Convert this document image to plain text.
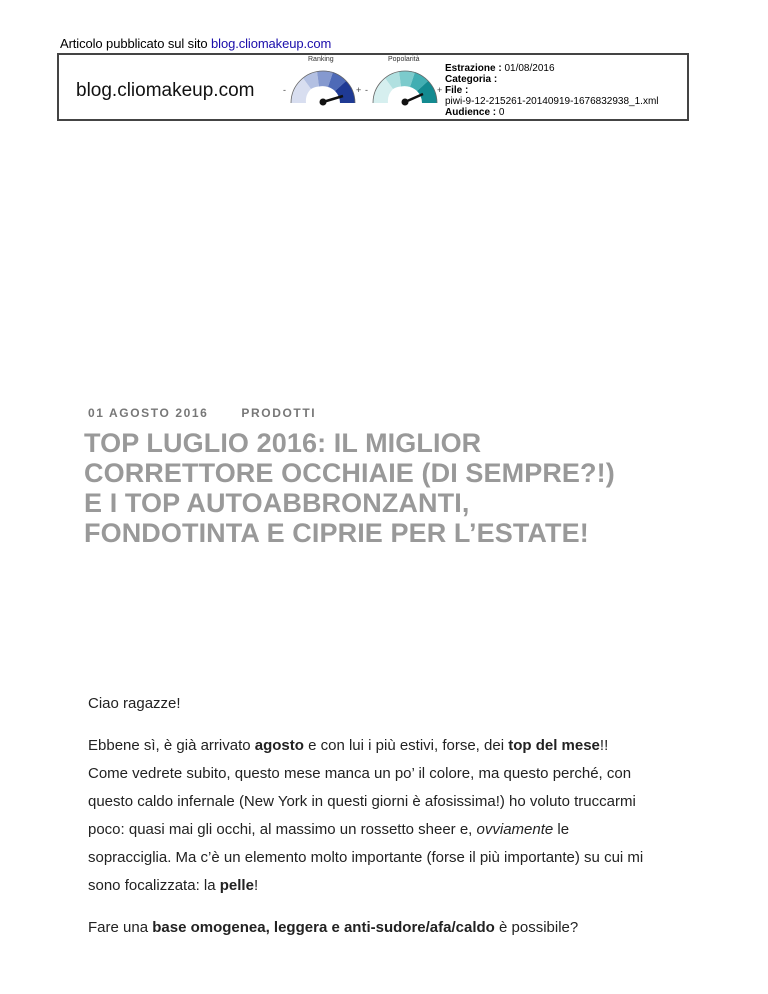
Articolo pubblicato sul sito blog.cliomakeup.com
blog.cliomakeup.com
Ranking
-	+
Popolarità
-	+
Estrazione : 01/08/2016
Categoria :
File :
piwi-9-12-215261-20140919-1676832938_1.xml
Audience : 0
01 AGOSTO 2016	PRODOTTI
TOP LUGLIO 2016: IL MIGLIOR
CORRETTORE OCCHIAIE (DI SEMPRE?!)
E I TOP AUTOABBRONZANTI,
FONDOTINTA E CIPRIE PER L’ESTATE!

Ciao ragazze!

Ebbene sì, è già arrivato agosto e con lui i più estivi, forse, dei top del mese!! Come vedrete subito, questo mese manca un po’ il colore, ma questo perché, con questo caldo infernale (New York in questi giorni è afosissima!) ho voluto truccarmi poco: quasi mai gli occhi, al massimo un rossetto sheer e, ovviamente le sopracciglia. Ma c’è un elemento molto importante (forse il più importante) su cui mi sono focalizzata: la pelle!

Fare una base omogenea, leggera e anti-sudore/afa/caldo è possibile?
